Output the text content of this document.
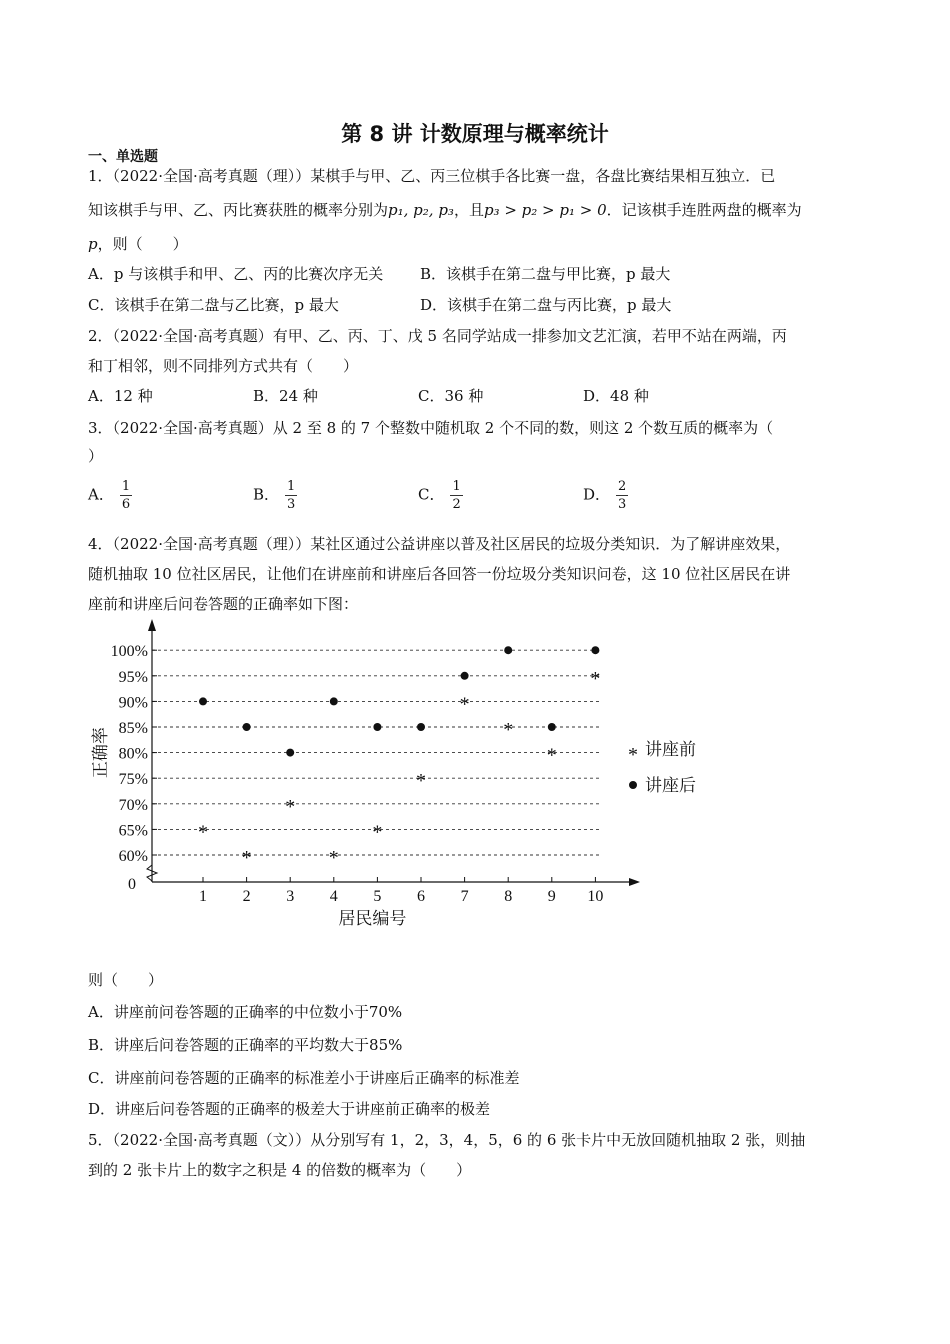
第 8 讲 计数原理与概率统计
一、单选题
1．（2022·全国·高考真题（理））某棋手与甲、乙、丙三位棋手各比赛一盘，各盘比赛结果相互独立．已
知该棋手与甲、乙、丙比赛获胜的概率分别为p₁, p₂, p₃，且p₃ > p₂ > p₁ > 0．记该棋手连胜两盘的概率为
p，则（　　）
A．p 与该棋手和甲、乙、丙的比赛次序无关 B．该棋手在第二盘与甲比赛，p 最大
C．该棋手在第二盘与乙比赛，p 最大	D．该棋手在第二盘与丙比赛，p 最大
2．（2022·全国·高考真题）有甲、乙、丙、丁、戊 5 名同学站成一排参加文艺汇演，若甲不站在两端，丙
和丁相邻，则不同排列方式共有（　　）
A．12 种	B．24 种	C．36 种	D．48 种
3．（2022·全国·高考真题）从 2 至 8 的 7 个整数中随机取 2 个不同的数，则这 2 个数互质的概率为（
）
A． $\frac{1}{6}$	B． $\frac{1}{3}$	C． $\frac{1}{2}$	D． $\frac{2}{3}$
4．（2022·全国·高考真题（理））某社区通过公益讲座以普及社区居民的垃圾分类知识．为了解讲座效果，
随机抽取 10 位社区居民，让他们在讲座前和讲座后各回答一份垃圾分类知识问卷，这 10 位社区居民在讲
座前和讲座后问卷答题的正确率如下图：
60%
65%
70%
75%
80%
85%
90%
95%
100%
0
1 2 3 4 5 6 7 8 9 10
居民编号
正确率
*
*
*
*
*
*
*
*
*
*
* 讲座前
讲座后
则（　　）
A．讲座前问卷答题的正确率的中位数小于70%
B．讲座后问卷答题的正确率的平均数大于85%
C．讲座前问卷答题的正确率的标准差小于讲座后正确率的标准差
D．讲座后问卷答题的正确率的极差大于讲座前正确率的极差
5．（2022·全国·高考真题（文））从分别写有 1，2，3，4，5，6 的 6 张卡片中无放回随机抽取 2 张，则抽
到的 2 张卡片上的数字之积是 4 的倍数的概率为（　　）
